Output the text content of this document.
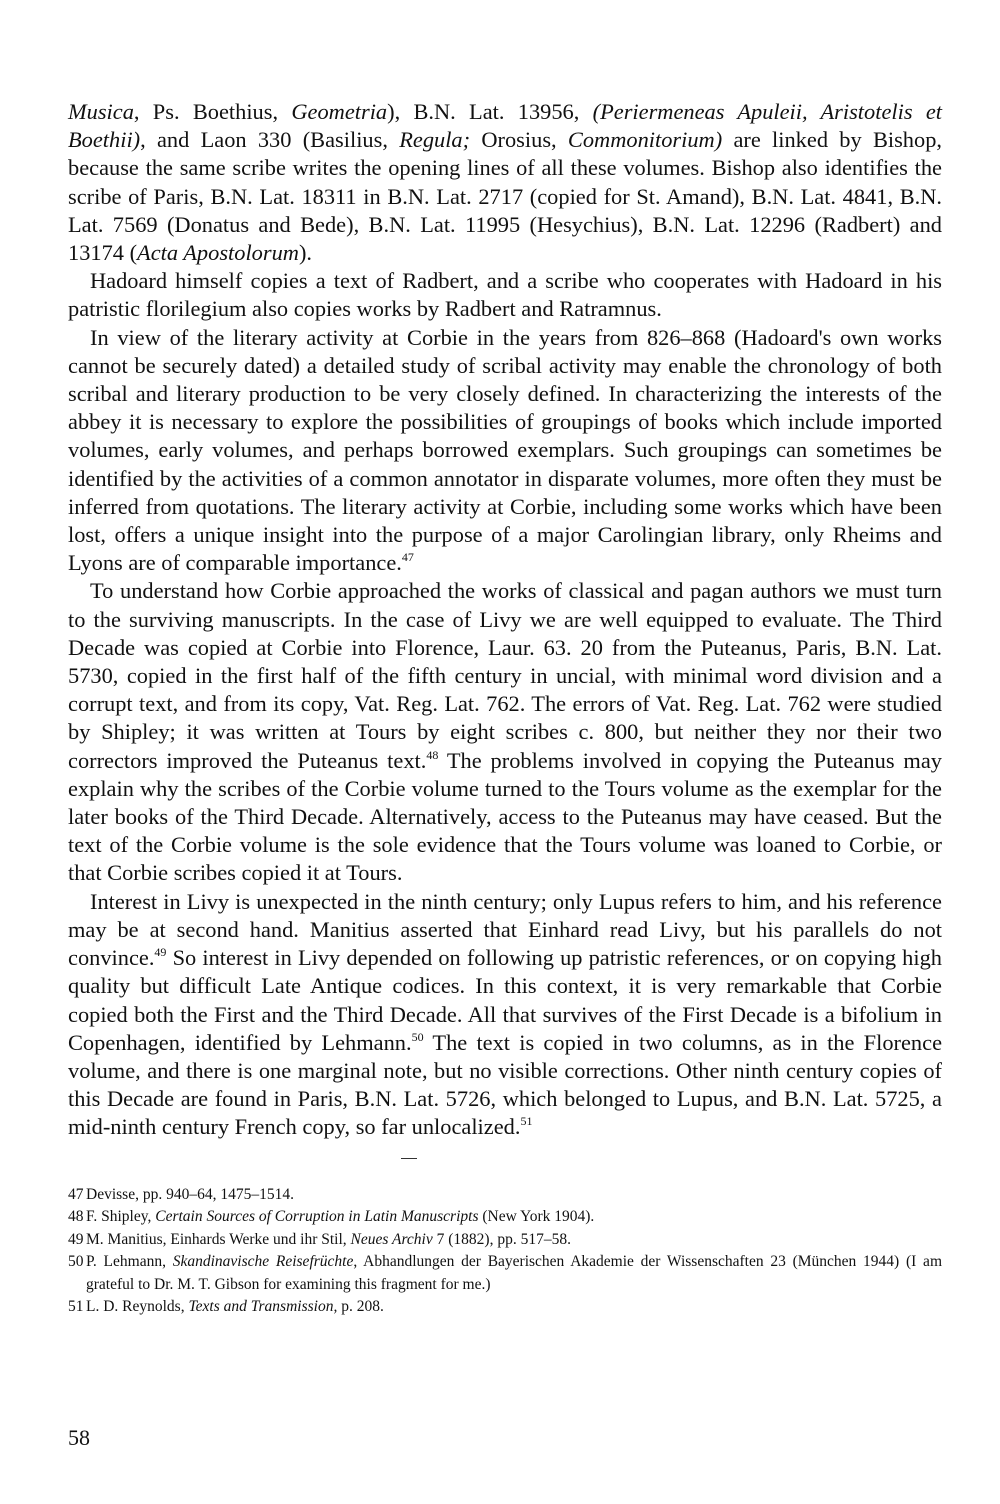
Musica, Ps. Boethius, Geometria), B.N. Lat. 13956, (Periermeneas Apuleii, Aristotelis et Boethii), and Laon 330 (Basilius, Regula; Orosius, Commonitorium) are linked by Bishop, because the same scribe writes the opening lines of all these volumes. Bishop also identifies the scribe of Paris, B.N. Lat. 18311 in B.N. Lat. 2717 (copied for St. Amand), B.N. Lat. 4841, B.N. Lat. 7569 (Donatus and Bede), B.N. Lat. 11995 (Hesychius), B.N. Lat. 12296 (Radbert) and 13174 (Acta Apostolorum).

Hadoard himself copies a text of Radbert, and a scribe who cooperates with Hadoard in his patristic florilegium also copies works by Radbert and Ratramnus.

In view of the literary activity at Corbie in the years from 826–868 (Hadoard's own works cannot be securely dated) a detailed study of scribal activity may enable the chronology of both scribal and literary production to be very closely defined. In characterizing the interests of the abbey it is necessary to explore the possibilities of groupings of books which include imported volumes, early volumes, and perhaps borrowed exemplars. Such groupings can sometimes be identified by the activities of a common annotator in disparate volumes, more often they must be inferred from quotations. The literary activity at Corbie, including some works which have been lost, offers a unique insight into the purpose of a major Carolingian library, only Rheims and Lyons are of comparable importance.$^{47}$

To understand how Corbie approached the works of classical and pagan authors we must turn to the surviving manuscripts. In the case of Livy we are well equipped to evaluate. The Third Decade was copied at Corbie into Florence, Laur. 63. 20 from the Puteanus, Paris, B.N. Lat. 5730, copied in the first half of the fifth century in uncial, with minimal word division and a corrupt text, and from its copy, Vat. Reg. Lat. 762. The errors of Vat. Reg. Lat. 762 were studied by Shipley; it was written at Tours by eight scribes c. 800, but neither they nor their two correctors improved the Puteanus text.$^{48}$ The problems involved in copying the Puteanus may explain why the scribes of the Corbie volume turned to the Tours volume as the exemplar for the later books of the Third Decade. Alternatively, access to the Puteanus may have ceased. But the text of the Corbie volume is the sole evidence that the Tours volume was loaned to Corbie, or that Corbie scribes copied it at Tours.

Interest in Livy is unexpected in the ninth century; only Lupus refers to him, and his reference may be at second hand. Manitius asserted that Einhard read Livy, but his parallels do not convince.$^{49}$ So interest in Livy depended on following up patristic references, or on copying high quality but difficult Late Antique codices. In this context, it is very remarkable that Corbie copied both the First and the Third Decade. All that survives of the First Decade is a bifolium in Copenhagen, identified by Lehmann.$^{50}$ The text is copied in two columns, as in the Florence volume, and there is one marginal note, but no visible corrections. Other ninth century copies of this Decade are found in Paris, B.N. Lat. 5726, which belonged to Lupus, and B.N. Lat. 5725, a mid-ninth century French copy, so far unlocalized.$^{51}$

47 Devisse, pp. 940–64, 1475–1514.
48 F. Shipley, Certain Sources of Corruption in Latin Manuscripts (New York 1904).
49 M. Manitius, Einhards Werke und ihr Stil, Neues Archiv 7 (1882), pp. 517–58.
50 P. Lehmann, Skandinavische Reisefrüchte, Abhandlungen der Bayerischen Akademie der Wissenschaften 23 (München 1944) (I am grateful to Dr. M. T. Gibson for examining this fragment for me.)
51 L. D. Reynolds, Texts and Transmission, p. 208.
58
